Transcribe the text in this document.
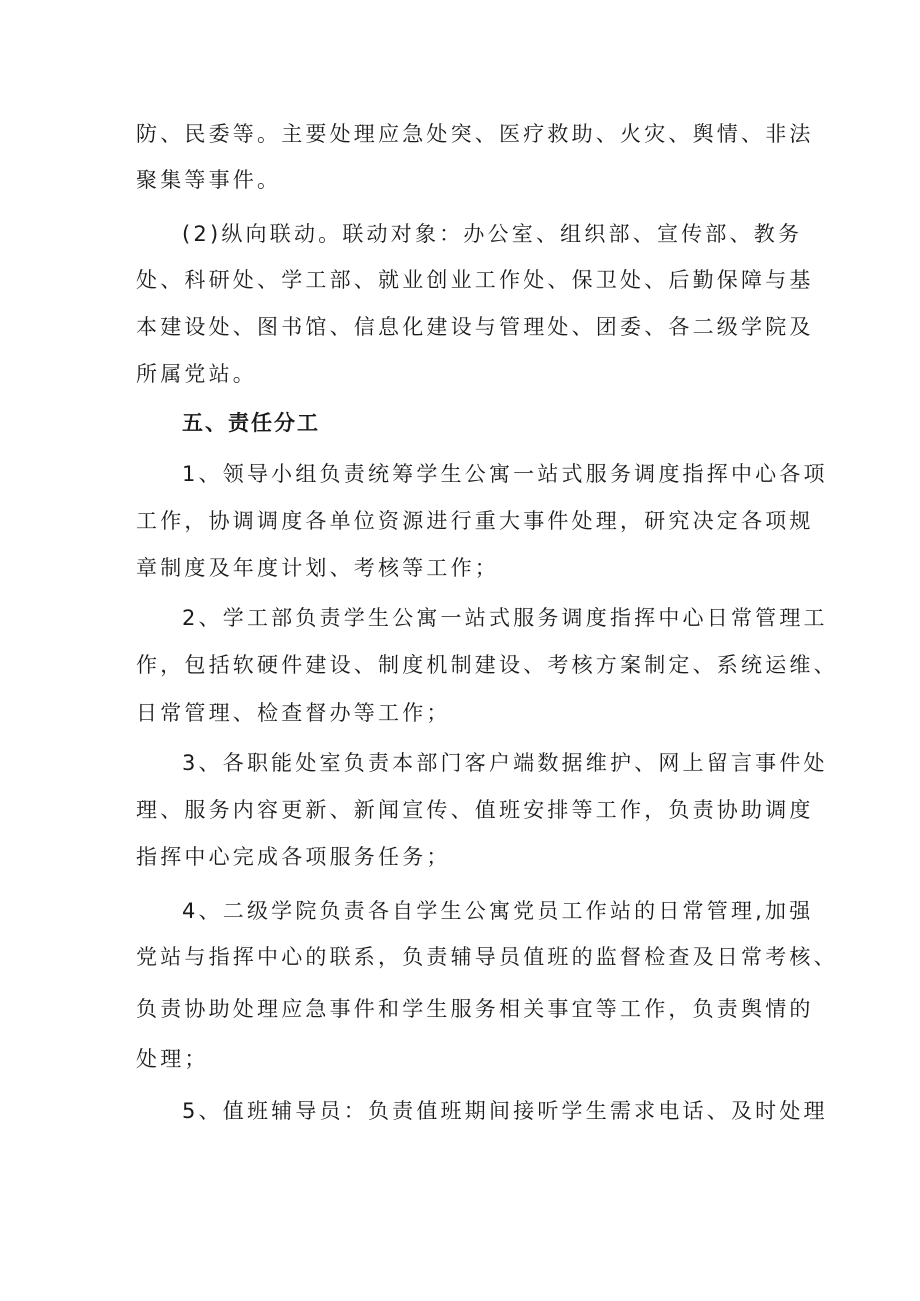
防、民委等。主要处理应急处突、医疗救助、火灾、舆情、非法
聚集等事件。
(2)纵向联动。联动对象：办公室、组织部、宣传部、教务
处、科研处、学工部、就业创业工作处、保卫处、后勤保障与基
本建设处、图书馆、信息化建设与管理处、团委、各二级学院及
所属党站。
五、责任分工
1、领导小组负责统筹学生公寓一站式服务调度指挥中心各项
工作，协调调度各单位资源进行重大事件处理，研究决定各项规
章制度及年度计划、考核等工作；
2、学工部负责学生公寓一站式服务调度指挥中心日常管理工
作，包括软硬件建设、制度机制建设、考核方案制定、系统运维、
日常管理、检查督办等工作；
3、各职能处室负责本部门客户端数据维护、网上留言事件处
理、服务内容更新、新闻宣传、值班安排等工作，负责协助调度
指挥中心完成各项服务任务；
4、二级学院负责各自学生公寓党员工作站的日常管理,加强
党站与指挥中心的联系，负责辅导员值班的监督检查及日常考核、
负责协助处理应急事件和学生服务相关事宜等工作，负责舆情的
处理；
5、值班辅导员：负责值班期间接听学生需求电话、及时处理
